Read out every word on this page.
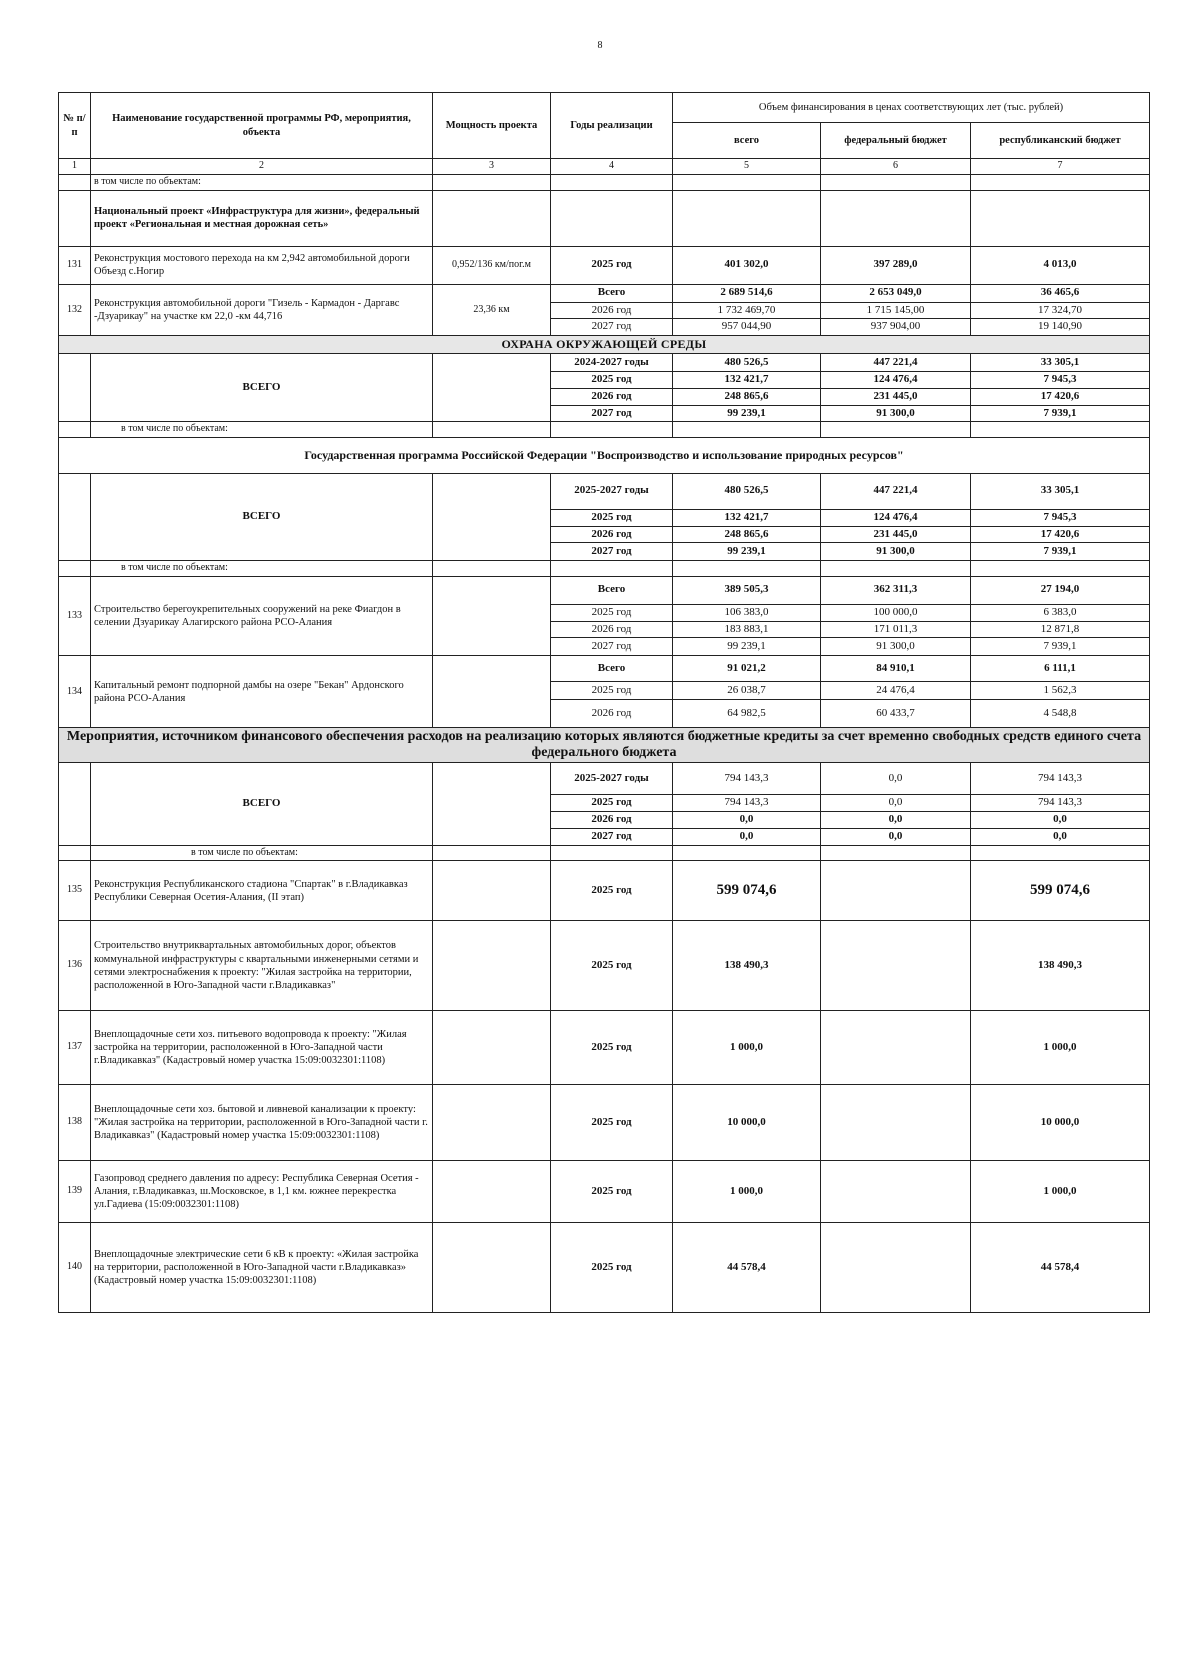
8
№ п/п	Наименование государственной программы РФ, мероприятия, объекта	Мощность проекта	Годы реализации	Объем финансирования в ценах соответствующих лет (тыс. рублей)		
				всего	федеральный бюджет	республиканский бюджет
1	2	3	4	5	6	7
	в том числе по объектам:					
	Национальный проект «Инфраструктура для жизни», федеральный проект «Региональная и местная дорожная сеть»					
131	Реконструкция мостового перехода на км 2,942 автомобильной дороги Объезд с.Ногир	0,952/136 км/пог.м	2025 год	401 302,0	397 289,0	4 013,0
132	Реконструкция автомобильной дороги "Гизель - Кармадон - Даргавс -Дзуарикау" на участке км 22,0 -км 44,716	23,36 км	Всего	2 689 514,6	2 653 049,0	36 465,6
			2026 год	1 732 469,70	1 715 145,00	17 324,70
			2027 год	957 044,90	937 904,00	19 140,90
ОХРАНА ОКРУЖАЮЩЕЙ СРЕДЫ						
	ВСЕГО		2024-2027 годы	480 526,5	447 221,4	33 305,1
			2025 год	132 421,7	124 476,4	7 945,3
			2026 год	248 865,6	231 445,0	17 420,6
			2027 год	99 239,1	91 300,0	7 939,1
	в том числе по объектам:					
Государственная программа Российской Федерации "Воспроизводство и использование природных ресурсов"						
	ВСЕГО		2025-2027 годы	480 526,5	447 221,4	33 305,1
			2025 год	132 421,7	124 476,4	7 945,3
			2026 год	248 865,6	231 445,0	17 420,6
			2027 год	99 239,1	91 300,0	7 939,1
	в том числе по объектам:					
133	Строительство берегоукрепительных сооружений на реке Фиагдон в селении Дзуарикау Алагирского района РСО-Алания		Всего	389 505,3	362 311,3	27 194,0
			2025 год	106 383,0	100 000,0	6 383,0
			2026 год	183 883,1	171 011,3	12 871,8
			2027 год	99 239,1	91 300,0	7 939,1
134	Капитальный ремонт подпорной дамбы на озере "Бекан" Ардонского района РСО-Алания		Всего	91 021,2	84 910,1	6 111,1
			2025 год	26 038,7	24 476,4	1 562,3
			2026 год	64 982,5	60 433,7	4 548,8
Мероприятия, источником финансового обеспечения расходов на реализацию которых являются бюджетные кредиты за счет временно свободных средств единого счета федерального бюджета						
	ВСЕГО		2025-2027 годы	794 143,3	0,0	794 143,3
			2025 год	794 143,3	0,0	794 143,3
			2026 год	0,0	0,0	0,0
			2027 год	0,0	0,0	0,0
	в том числе по объектам:					
135	Реконструкция Республиканского стадиона "Спартак" в г.Владикавказ Республики Северная Осетия-Алания, (II этап)		2025 год	599 074,6		599 074,6
136	Строительство внутриквартальных автомобильных дорог, объектов коммунальной инфраструктуры с квартальными инженерными сетями и сетями электроснабжения к проекту: "Жилая застройка на территории, расположенной в Юго-Западной части г.Владикавказ"		2025 год	138 490,3		138 490,3
137	Внеплощадочные сети хоз. питьевого водопровода к проекту: "Жилая застройка на территории, расположенной в Юго-Западной части г.Владикавказ" (Кадастровый номер участка 15:09:0032301:1108)		2025 год	1 000,0		1 000,0
138	Внеплощадочные сети хоз. бытовой и ливневой канализации к проекту: "Жилая застройка на территории, расположенной в Юго-Западной части г. Владикавказ" (Кадастровый номер участка 15:09:0032301:1108)		2025 год	10 000,0		10 000,0
139	Газопровод среднего давления по адресу: Республика Северная Осетия - Алания, г.Владикавказ, ш.Московское, в 1,1 км. южнее перекрестка ул.Гадиева (15:09:0032301:1108)		2025 год	1 000,0		1 000,0
140	Внеплощадочные электрические сети 6 кВ к проекту: «Жилая застройка на территории, расположенной в Юго-Западной части г.Владикавказ» (Кадастровый номер участка 15:09:0032301:1108)		2025 год	44 578,4		44 578,4
